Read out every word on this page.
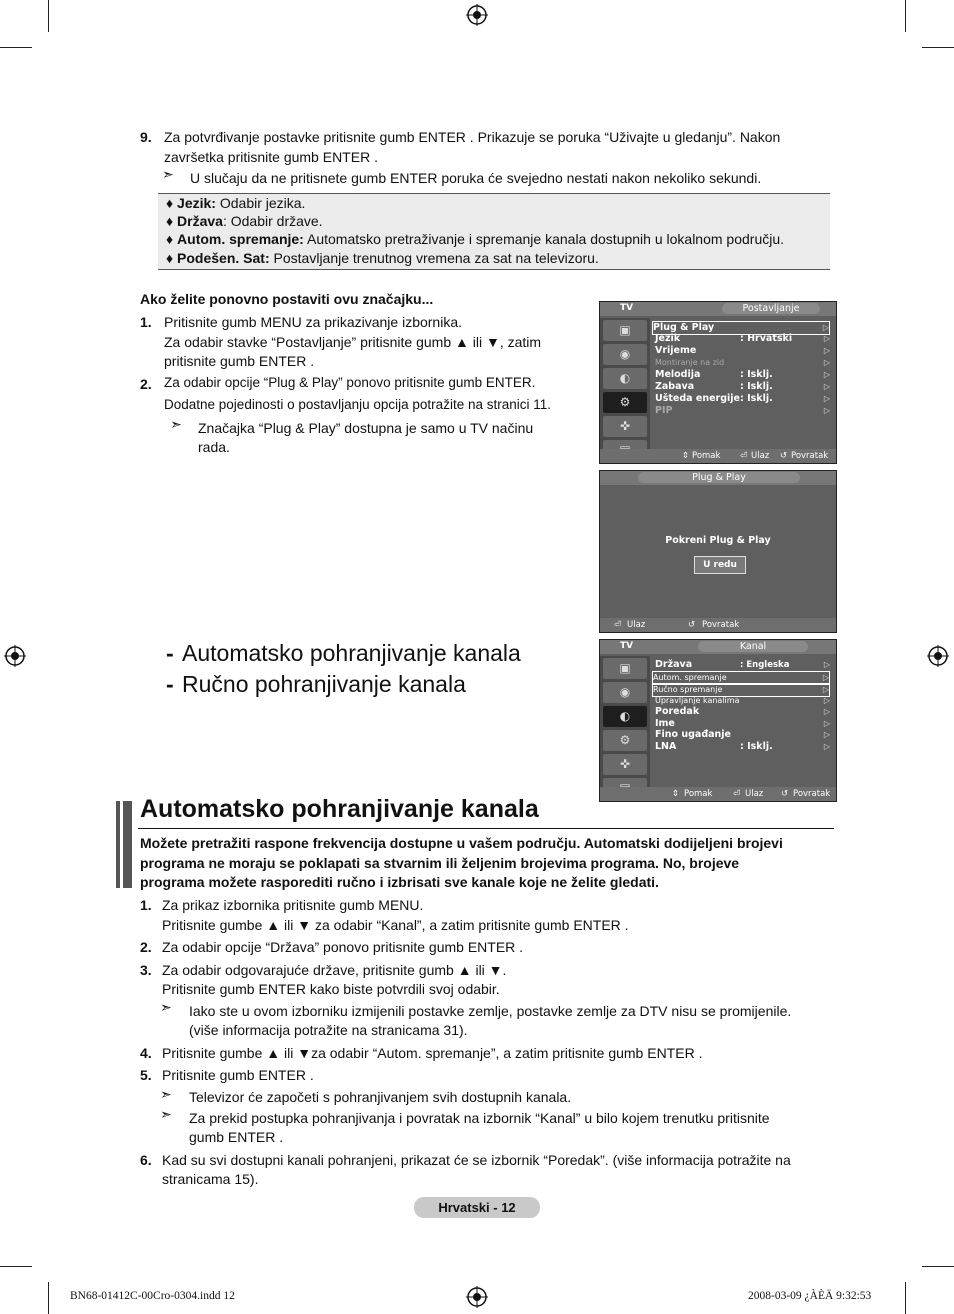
9. Za potvrđivanje postavke pritisnite gumb ENTER . Prikazuje se poruka “Uživajte u gledanju”. Nakon
završetka pritisnite gumb ENTER .
➣ U slučaju da ne pritisnete gumb ENTER poruka će svejedno nestati nakon nekoliko sekundi.
♦ Jezik: Odabir jezika.
♦ Država: Odabir države.
♦ Autom. spremanje: Automatsko pretraživanje i spremanje kanala dostupnih u lokalnom području.
♦ Podešen. Sat: Postavljanje trenutnog vremena za sat na televizoru.
Ako želite ponovno postaviti ovu značajku...
1. Pritisnite gumb MENU za prikazivanje izbornika.
Za odabir stavke “Postavljanje” pritisnite gumb ▲ ili ▼, zatim
pritisnite gumb ENTER .
2. Za odabir opcije “Plug & Play” ponovo pritisnite gumb ENTER.
Dodatne pojedinosti o postavljanju opcija potražite na stranici 11.
➣ Značajka “Plug & Play” dostupna je samo u TV načinu
rada.
TV	Postavljanje
▣
◉
◐
⚙
✜
Plug & Play	▷
Jezik	: Hrvatski	▷
Vrijeme	▷
Montiranje na zid	▷
Melodija	: Isklj.	▷
Zabava	: Isklj.	▷
Ušteda energije : Isklj.	▷
PIP	▷
⇕ Pomak ⏎ Ulaz ↺ Povratak
Plug & Play
Pokreni Plug & Play
U redu
⏎ Ulaz	↺ Povratak
TV	Kanal
▣
◉
◐
⚙
✜
Država	: Engleska	▷
Autom. spremanje	▷
Ručno spremanje	▷
Upravljanje kanalima	▷
Poredak	▷
Ime	▷
Fino ugađanje	▷
LNA	: Isklj.	▷
⇕ Pomak ⏎ Ulaz ↺ Povratak
- Automatsko pohranjivanje kanala
- Ručno pohranjivanje kanala
Automatsko pohranjivanje kanala
Možete pretražiti raspone frekvencija dostupne u vašem području. Automatski dodijeljeni brojevi
programa ne moraju se poklapati sa stvarnim ili željenim brojevima programa. No, brojeve
programa možete rasporediti ručno i izbrisati sve kanale koje ne želite gledati.
1. Za prikaz izbornika pritisnite gumb MENU.
Pritisnite gumbe ▲ ili ▼ za odabir “Kanal”, a zatim pritisnite gumb ENTER .
2. Za odabir opcije “Država” ponovo pritisnite gumb ENTER .
3. Za odabir odgovarajuće države, pritisnite gumb ▲ ili ▼.
Pritisnite gumb ENTER kako biste potvrdili svoj odabir.
➣ Iako ste u ovom izborniku izmijenili postavke zemlje, postavke zemlje za DTV nisu se promijenile.
(više informacija potražite na stranicama 31).
4. Pritisnite gumbe ▲ ili ▼za odabir “Autom. spremanje”, a zatim pritisnite gumb ENTER .
5. Pritisnite gumb ENTER .
➣ Televizor će započeti s pohranjivanjem svih dostupnih kanala.
➣ Za prekid postupka pohranjivanja i povratak na izbornik “Kanal” u bilo kojem trenutku pritisnite
gumb ENTER .
6. Kad su svi dostupni kanali pohranjeni, prikazat će se izbornik “Poredak”. (više informacija potražite na
stranicama 15).
Hrvatski - 12
BN68-01412C-00Cro-0304.indd 12	2008-03-09 ¿ÀÈÄ 9:32:53
